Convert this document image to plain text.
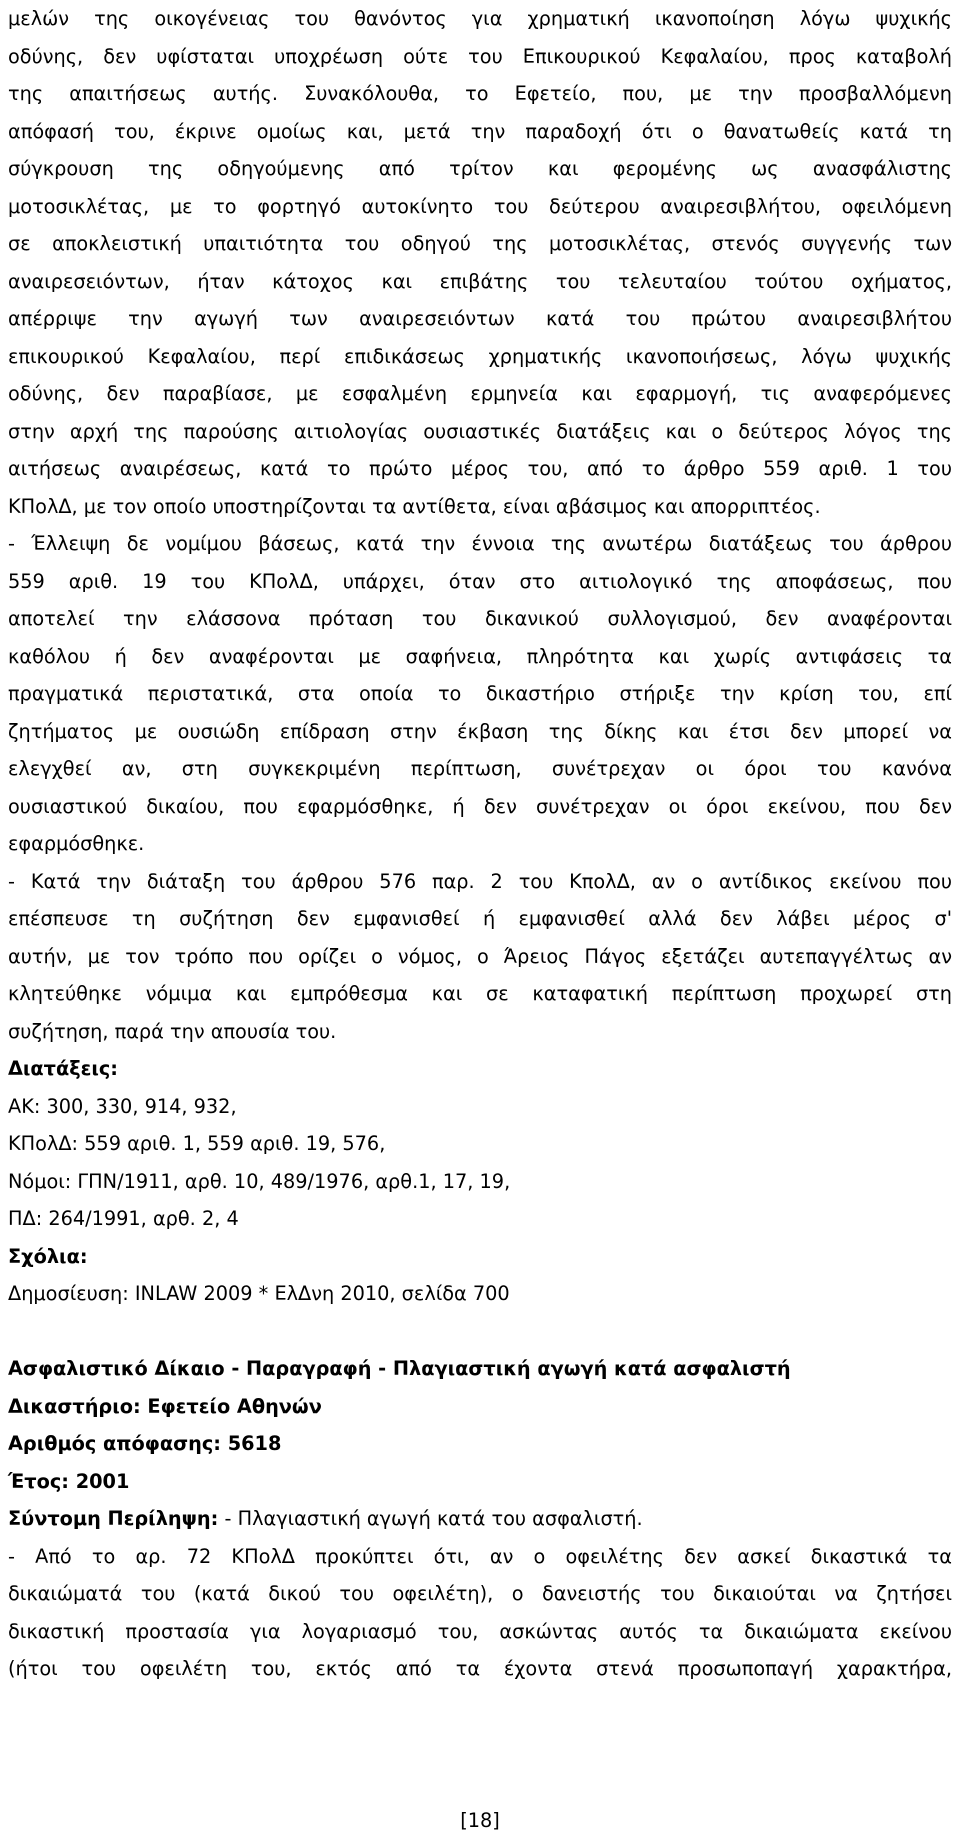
μελών της οικογένειας του θανόντος για χρηματική ικανοποίηση λόγω ψυχικής
οδύνης, δεν υφίσταται υποχρέωση ούτε του Επικουρικού Κεφαλαίου, προς καταβολή
της απαιτήσεως αυτής. Συνακόλουθα, το Εφετείο, που, με την προσβαλλόμενη
απόφασή του, έκρινε ομοίως και, μετά την παραδοχή ότι ο θανατωθείς κατά τη
σύγκρουση της οδηγούμενης από τρίτον και φερομένης ως ανασφάλιστης
μοτοσικλέτας, με το φορτηγό αυτοκίνητο του δεύτερου αναιρεσιβλήτου, οφειλόμενη
σε αποκλειστική υπαιτιότητα του οδηγού της μοτοσικλέτας, στενός συγγενής των
αναιρεσειόντων, ήταν κάτοχος και επιβάτης του τελευταίου τούτου οχήματος,
απέρριψε την αγωγή των αναιρεσειόντων κατά του πρώτου αναιρεσιβλήτου
επικουρικού Κεφαλαίου, περί επιδικάσεως χρηματικής ικανοποιήσεως, λόγω ψυχικής
οδύνης, δεν παραβίασε, με εσφαλμένη ερμηνεία και εφαρμογή, τις αναφερόμενες
στην αρχή της παρούσης αιτιολογίας ουσιαστικές διατάξεις και ο δεύτερος λόγος της
αιτήσεως αναιρέσεως, κατά το πρώτο μέρος του, από το άρθρο 559 αριθ. 1 του
ΚΠολΔ, με τον οποίο υποστηρίζονται τα αντίθετα, είναι αβάσιμος και απορριπτέος.
- Έλλειψη δε νομίμου βάσεως, κατά την έννοια της ανωτέρω διατάξεως του άρθρου
559 αριθ. 19 του ΚΠολΔ, υπάρχει, όταν στο αιτιολογικό της αποφάσεως, που
αποτελεί την ελάσσονα πρόταση του δικανικού συλλογισμού, δεν αναφέρονται
καθόλου ή δεν αναφέρονται με σαφήνεια, πληρότητα και χωρίς αντιφάσεις τα
πραγματικά περιστατικά, στα οποία το δικαστήριο στήριξε την κρίση του, επί
ζητήματος με ουσιώδη επίδραση στην έκβαση της δίκης και έτσι δεν μπορεί να
ελεγχθεί αν, στη συγκεκριμένη περίπτωση, συνέτρεχαν οι όροι του κανόνα
ουσιαστικού δικαίου, που εφαρμόσθηκε, ή δεν συνέτρεχαν οι όροι εκείνου, που δεν
εφαρμόσθηκε.
- Κατά την διάταξη του άρθρου 576 παρ. 2 του ΚπολΔ, αν ο αντίδικος εκείνου που
επέσπευσε τη συζήτηση δεν εμφανισθεί ή εμφανισθεί αλλά δεν λάβει μέρος σ'
αυτήν, με τον τρόπο που ορίζει ο νόμος, ο Άρειος Πάγος εξετάζει αυτεπαγγέλτως αν
κλητεύθηκε νόμιμα και εμπρόθεσμα και σε καταφατική περίπτωση προχωρεί στη
συζήτηση, παρά την απουσία του.
Διατάξεις:
ΑΚ: 300, 330, 914, 932,
ΚΠολΔ: 559 αριθ. 1, 559 αριθ. 19, 576,
Νόμοι: ΓΠΝ/1911, αρθ. 10, 489/1976, αρθ.1, 17, 19,
ΠΔ: 264/1991, αρθ. 2, 4
Σχόλια:
Δημοσίευση: INLAW 2009 * ΕλΔνη 2010, σελίδα 700
Ασφαλιστικό Δίκαιο - Παραγραφή - Πλαγιαστική αγωγή κατά ασφαλιστή
Δικαστήριο: Εφετείο Αθηνών
Αριθμός απόφασης: 5618
Έτος: 2001
Σύντομη Περίληψη: - Πλαγιαστική αγωγή κατά του ασφαλιστή.
- Από το αρ. 72 ΚΠολΔ προκύπτει ότι, αν ο οφειλέτης δεν ασκεί δικαστικά τα
δικαιώματά του (κατά δικού του οφειλέτη), ο δανειστής του δικαιούται να ζητήσει
δικαστική προστασία για λογαριασμό του, ασκώντας αυτός τα δικαιώματα εκείνου
(ήτοι του οφειλέτη του, εκτός από τα έχοντα στενά προσωποπαγή χαρακτήρα,
[18]
